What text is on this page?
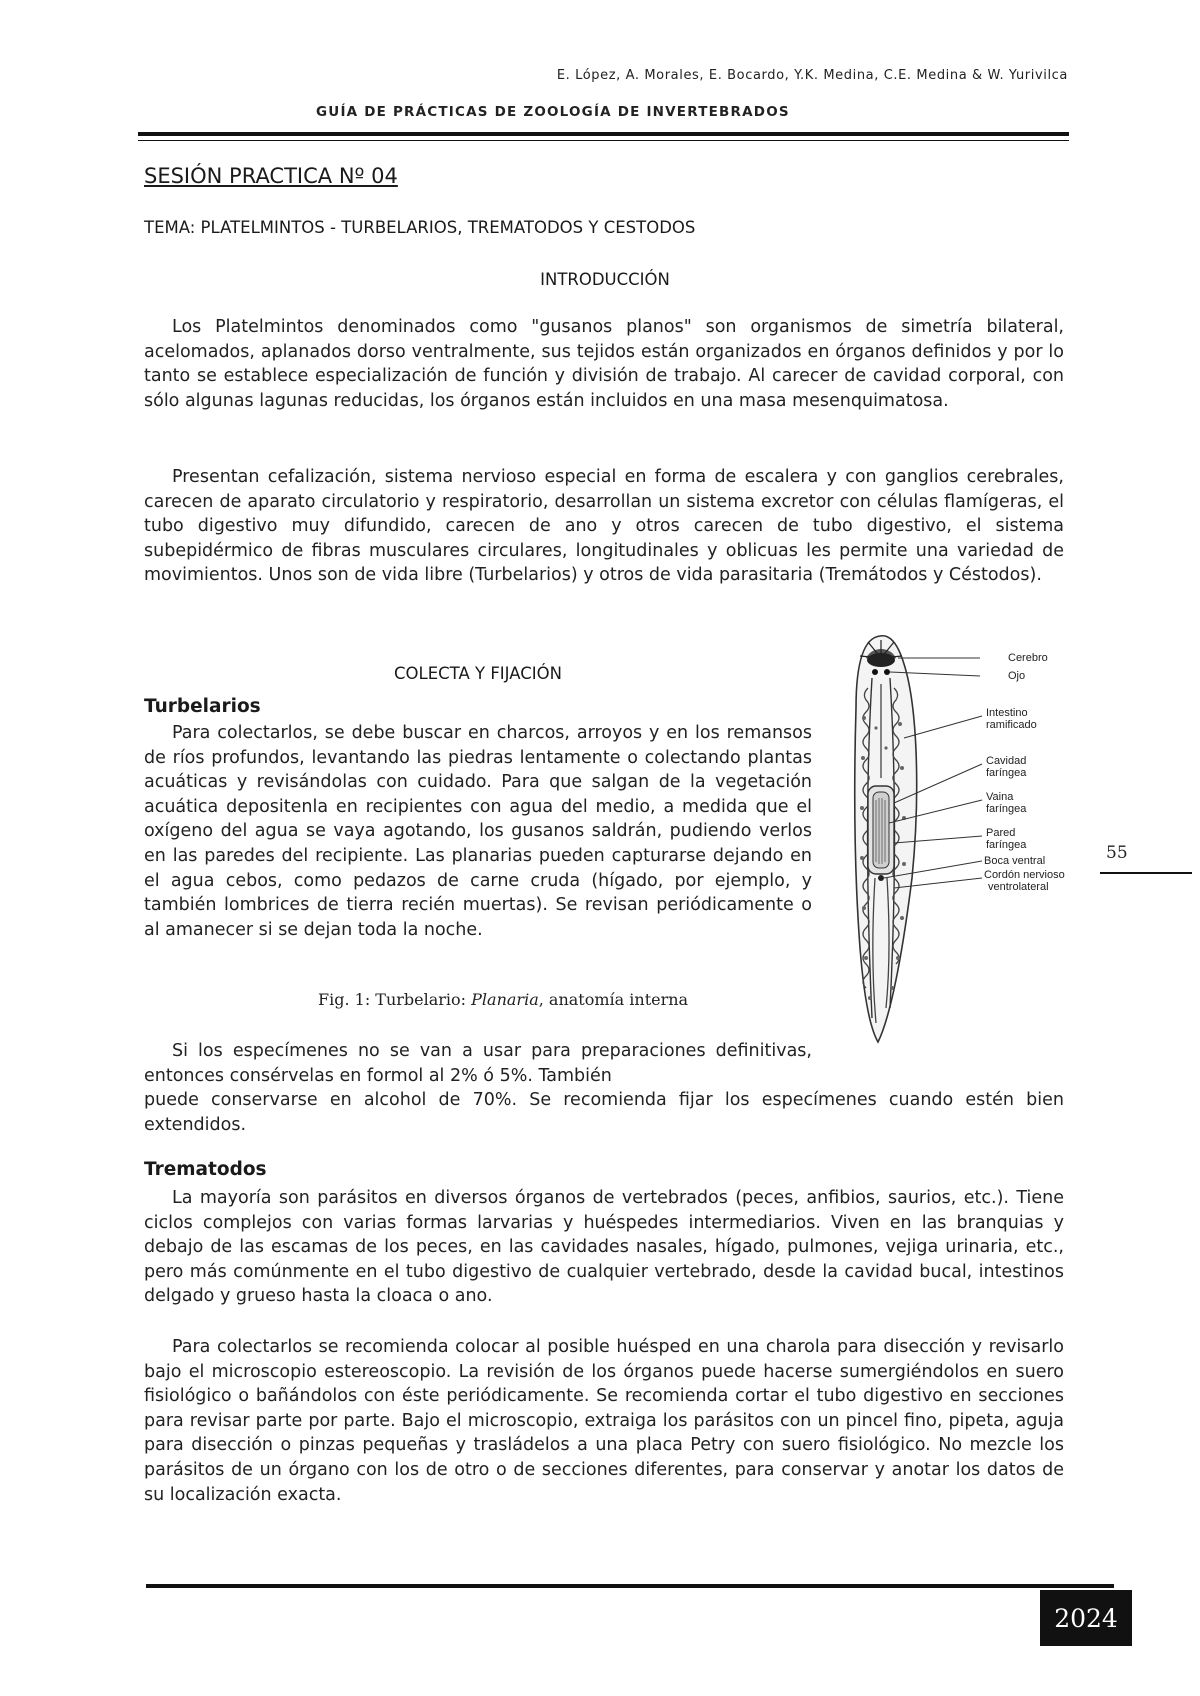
E. López, A. Morales, E. Bocardo, Y.K. Medina, C.E. Medina & W. Yurivilca
GUÍA DE PRÁCTICAS DE ZOOLOGÍA DE INVERTEBRADOS
SESIÓN PRACTICA Nº 04
TEMA: PLATELMINTOS - TURBELARIOS, TREMATODOS Y CESTODOS
INTRODUCCIÓN

Los Platelmintos denominados como "gusanos planos" son organismos de simetría bilateral, acelomados, aplanados dorso ventralmente, sus tejidos están organizados en órganos definidos y por lo tanto se establece especialización de función y división de trabajo. Al carecer de cavidad corporal, con sólo algunas lagunas reducidas, los órganos están incluidos en una masa mesenquimatosa.

Presentan cefalización, sistema nervioso especial en forma de escalera y con ganglios cerebrales, carecen de aparato circulatorio y respiratorio, desarrollan un sistema excretor con células flamígeras, el tubo digestivo muy difundido, carecen de ano y otros carecen de tubo digestivo, el sistema subepidérmico de fibras musculares circulares, longitudinales y oblicuas les permite una variedad de movimientos. Unos son de vida libre (Turbelarios) y otros de vida parasitaria (Tremátodos y Céstodos).

COLECTA Y FIJACIÓN
Turbelarios

Para colectarlos, se debe buscar en charcos, arroyos y en los remansos de ríos profundos, levantando las piedras lentamente o colectando plantas acuáticas y revisándolas con cuidado. Para que salgan de la vegetación acuática depositenla en recipientes con agua del medio, a medida que el oxígeno del agua se vaya agotando, los gusanos saldrán, pudiendo verlos en las paredes del recipiente. Las planarias pueden capturarse dejando en el agua cebos, como pedazos de carne cruda (hígado, por ejemplo, y también lombrices de tierra recién muertas). Se revisan periódicamente o al amanecer si se dejan toda la noche.

Fig. 1: Turbelario: Planaria, anatomía interna

Si los especímenes no se van a usar para preparaciones definitivas, entonces consérvelas en formol al 2% ó 5%. También

puede conservarse en alcohol de 70%. Se recomienda fijar los especímenes cuando estén bien extendidos.

Trematodos

La mayoría son parásitos en diversos órganos de vertebrados (peces, anfibios, saurios, etc.). Tiene ciclos complejos con varias formas larvarias y huéspedes intermediarios. Viven en las branquias y debajo de las escamas de los peces, en las cavidades nasales, hígado, pulmones, vejiga urinaria, etc., pero más comúnmente en el tubo digestivo de cualquier vertebrado, desde la cavidad bucal, intestinos delgado y grueso hasta la cloaca o ano.

Para colectarlos se recomienda colocar al posible huésped en una charola para disección y revisarlo bajo el microscopio estereoscopio. La revisión de los órganos puede hacerse sumergiéndolos en suero fisiológico o bañándolos con éste periódicamente. Se recomienda cortar el tubo digestivo en secciones para revisar parte por parte. Bajo el microscopio, extraiga los parásitos con un pincel fino, pipeta, aguja para disección o pinzas pequeñas y trasládelos a una placa Petry con suero fisiológico. No mezcle los parásitos de un órgano con los de otro o de secciones diferentes, para conservar y anotar los datos de su localización exacta.

Cerebro
Ojo
Intestino
ramificado
Cavidad
faríngea
Vaina
faríngea
Pared
faríngea
Boca ventral
Cordón nervioso
ventrolateral
55
2024
